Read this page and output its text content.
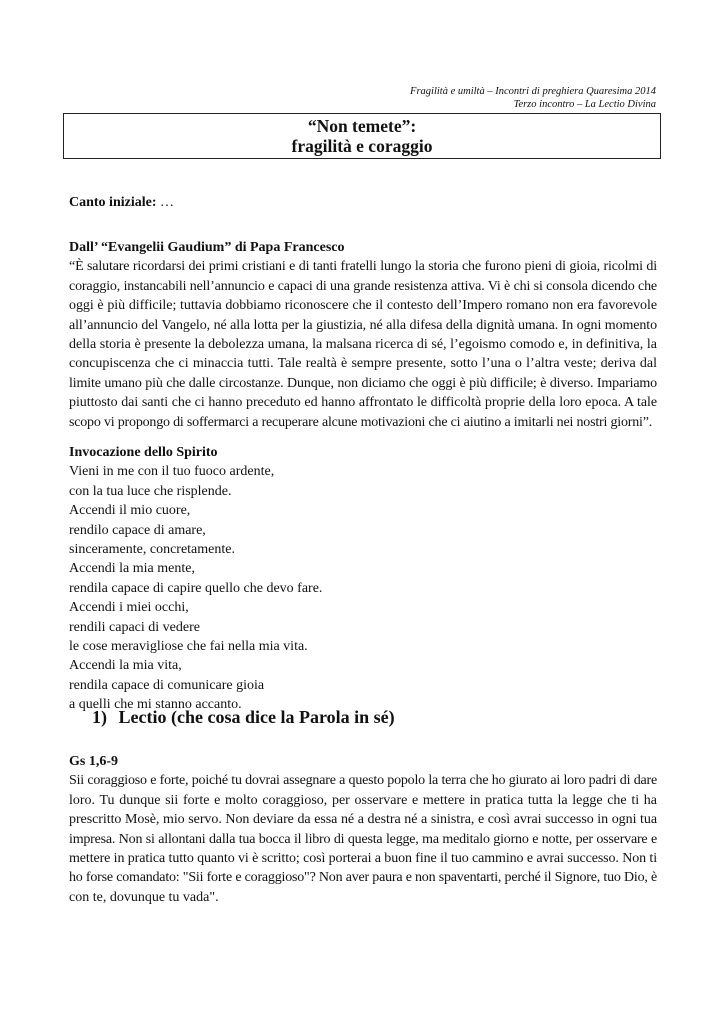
Fragilità e umiltà – Incontri di preghiera Quaresima 2014
Terzo incontro – La Lectio Divina
“Non temete”:
fragilità e coraggio
Canto iniziale: …
Dall’ “Evangelii Gaudium” di Papa Francesco
“È salutare ricordarsi dei primi cristiani e di tanti fratelli lungo la storia che furono pieni di gioia, ricolmi di
coraggio, instancabili nell’annuncio e capaci di una grande resistenza attiva. Vi è chi si consola dicendo che
oggi è più difficile; tuttavia dobbiamo riconoscere che il contesto dell’Impero romano non era favorevole
all’annuncio del Vangelo, né alla lotta per la giustizia, né alla difesa della dignità umana. In ogni momento
della storia è presente la debolezza umana, la malsana ricerca di sé, l’egoismo comodo e, in definitiva, la
concupiscenza che ci minaccia tutti. Tale realtà è sempre presente, sotto l’una o l’altra veste; deriva dal
limite umano più che dalle circostanze. Dunque, non diciamo che oggi è più difficile; è diverso. Impariamo
piuttosto dai santi che ci hanno preceduto ed hanno affrontato le difficoltà proprie della loro epoca. A tale
scopo vi propongo di soffermarci a recuperare alcune motivazioni che ci aiutino a imitarli nei nostri giorni”.
Invocazione dello Spirito
Vieni in me con il tuo fuoco ardente,
con la tua luce che risplende.
Accendi il mio cuore,
rendilo capace di amare,
sinceramente, concretamente.
Accendi la mia mente,
rendila capace di capire quello che devo fare.
Accendi i miei occhi,
rendili capaci di vedere
le cose meravigliose che fai nella mia vita.
Accendi la mia vita,
rendila capace di comunicare gioia
a quelli che mi stanno accanto.
1) Lectio (che cosa dice la Parola in sé)
Gs 1,6-9
Sii coraggioso e forte, poiché tu dovrai assegnare a questo popolo la terra che ho giurato ai loro padri di dare
loro. Tu dunque sii forte e molto coraggioso, per osservare e mettere in pratica tutta la legge che ti ha
prescritto Mosè, mio servo. Non deviare da essa né a destra né a sinistra, e così avrai successo in ogni tua
impresa. Non si allontani dalla tua bocca il libro di questa legge, ma meditalo giorno e notte, per osservare e
mettere in pratica tutto quanto vi è scritto; così porterai a buon fine il tuo cammino e avrai successo. Non ti
ho forse comandato: "Sii forte e coraggioso"? Non aver paura e non spaventarti, perché il Signore, tuo Dio, è
con te, dovunque tu vada".
